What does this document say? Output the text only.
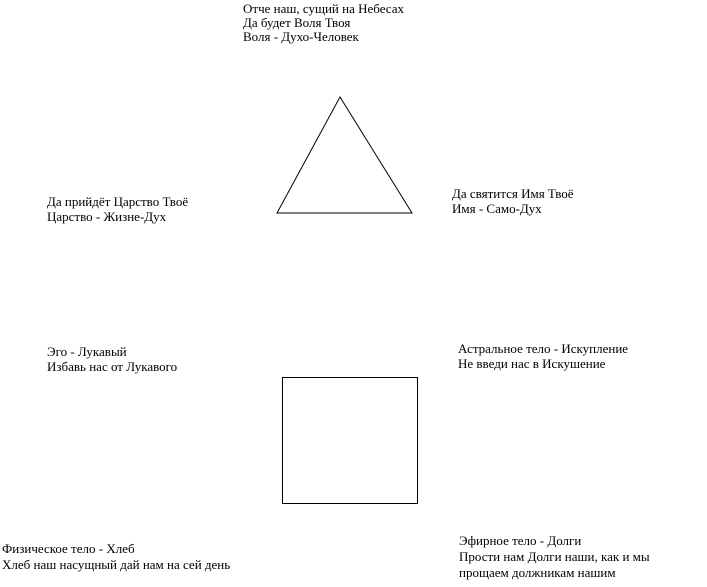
Отче наш, сущий на Небесах
Да будет Воля Твоя
Воля - Духо-Человек
Да прийдёт Царство Твоё
Царство - Жизне-Дух
Да святится Имя Твоё
Имя - Само-Дух
Эго - Лукавый
Избавь нас от Лукавого
Астральное тело - Искупление
Не введи нас в Искушение
Физическое тело - Хлеб
Хлеб наш насущный дай нам на сей день
Эфирное тело - Долги
Прости нам Долги наши, как и мы
прощаем должникам нашим
